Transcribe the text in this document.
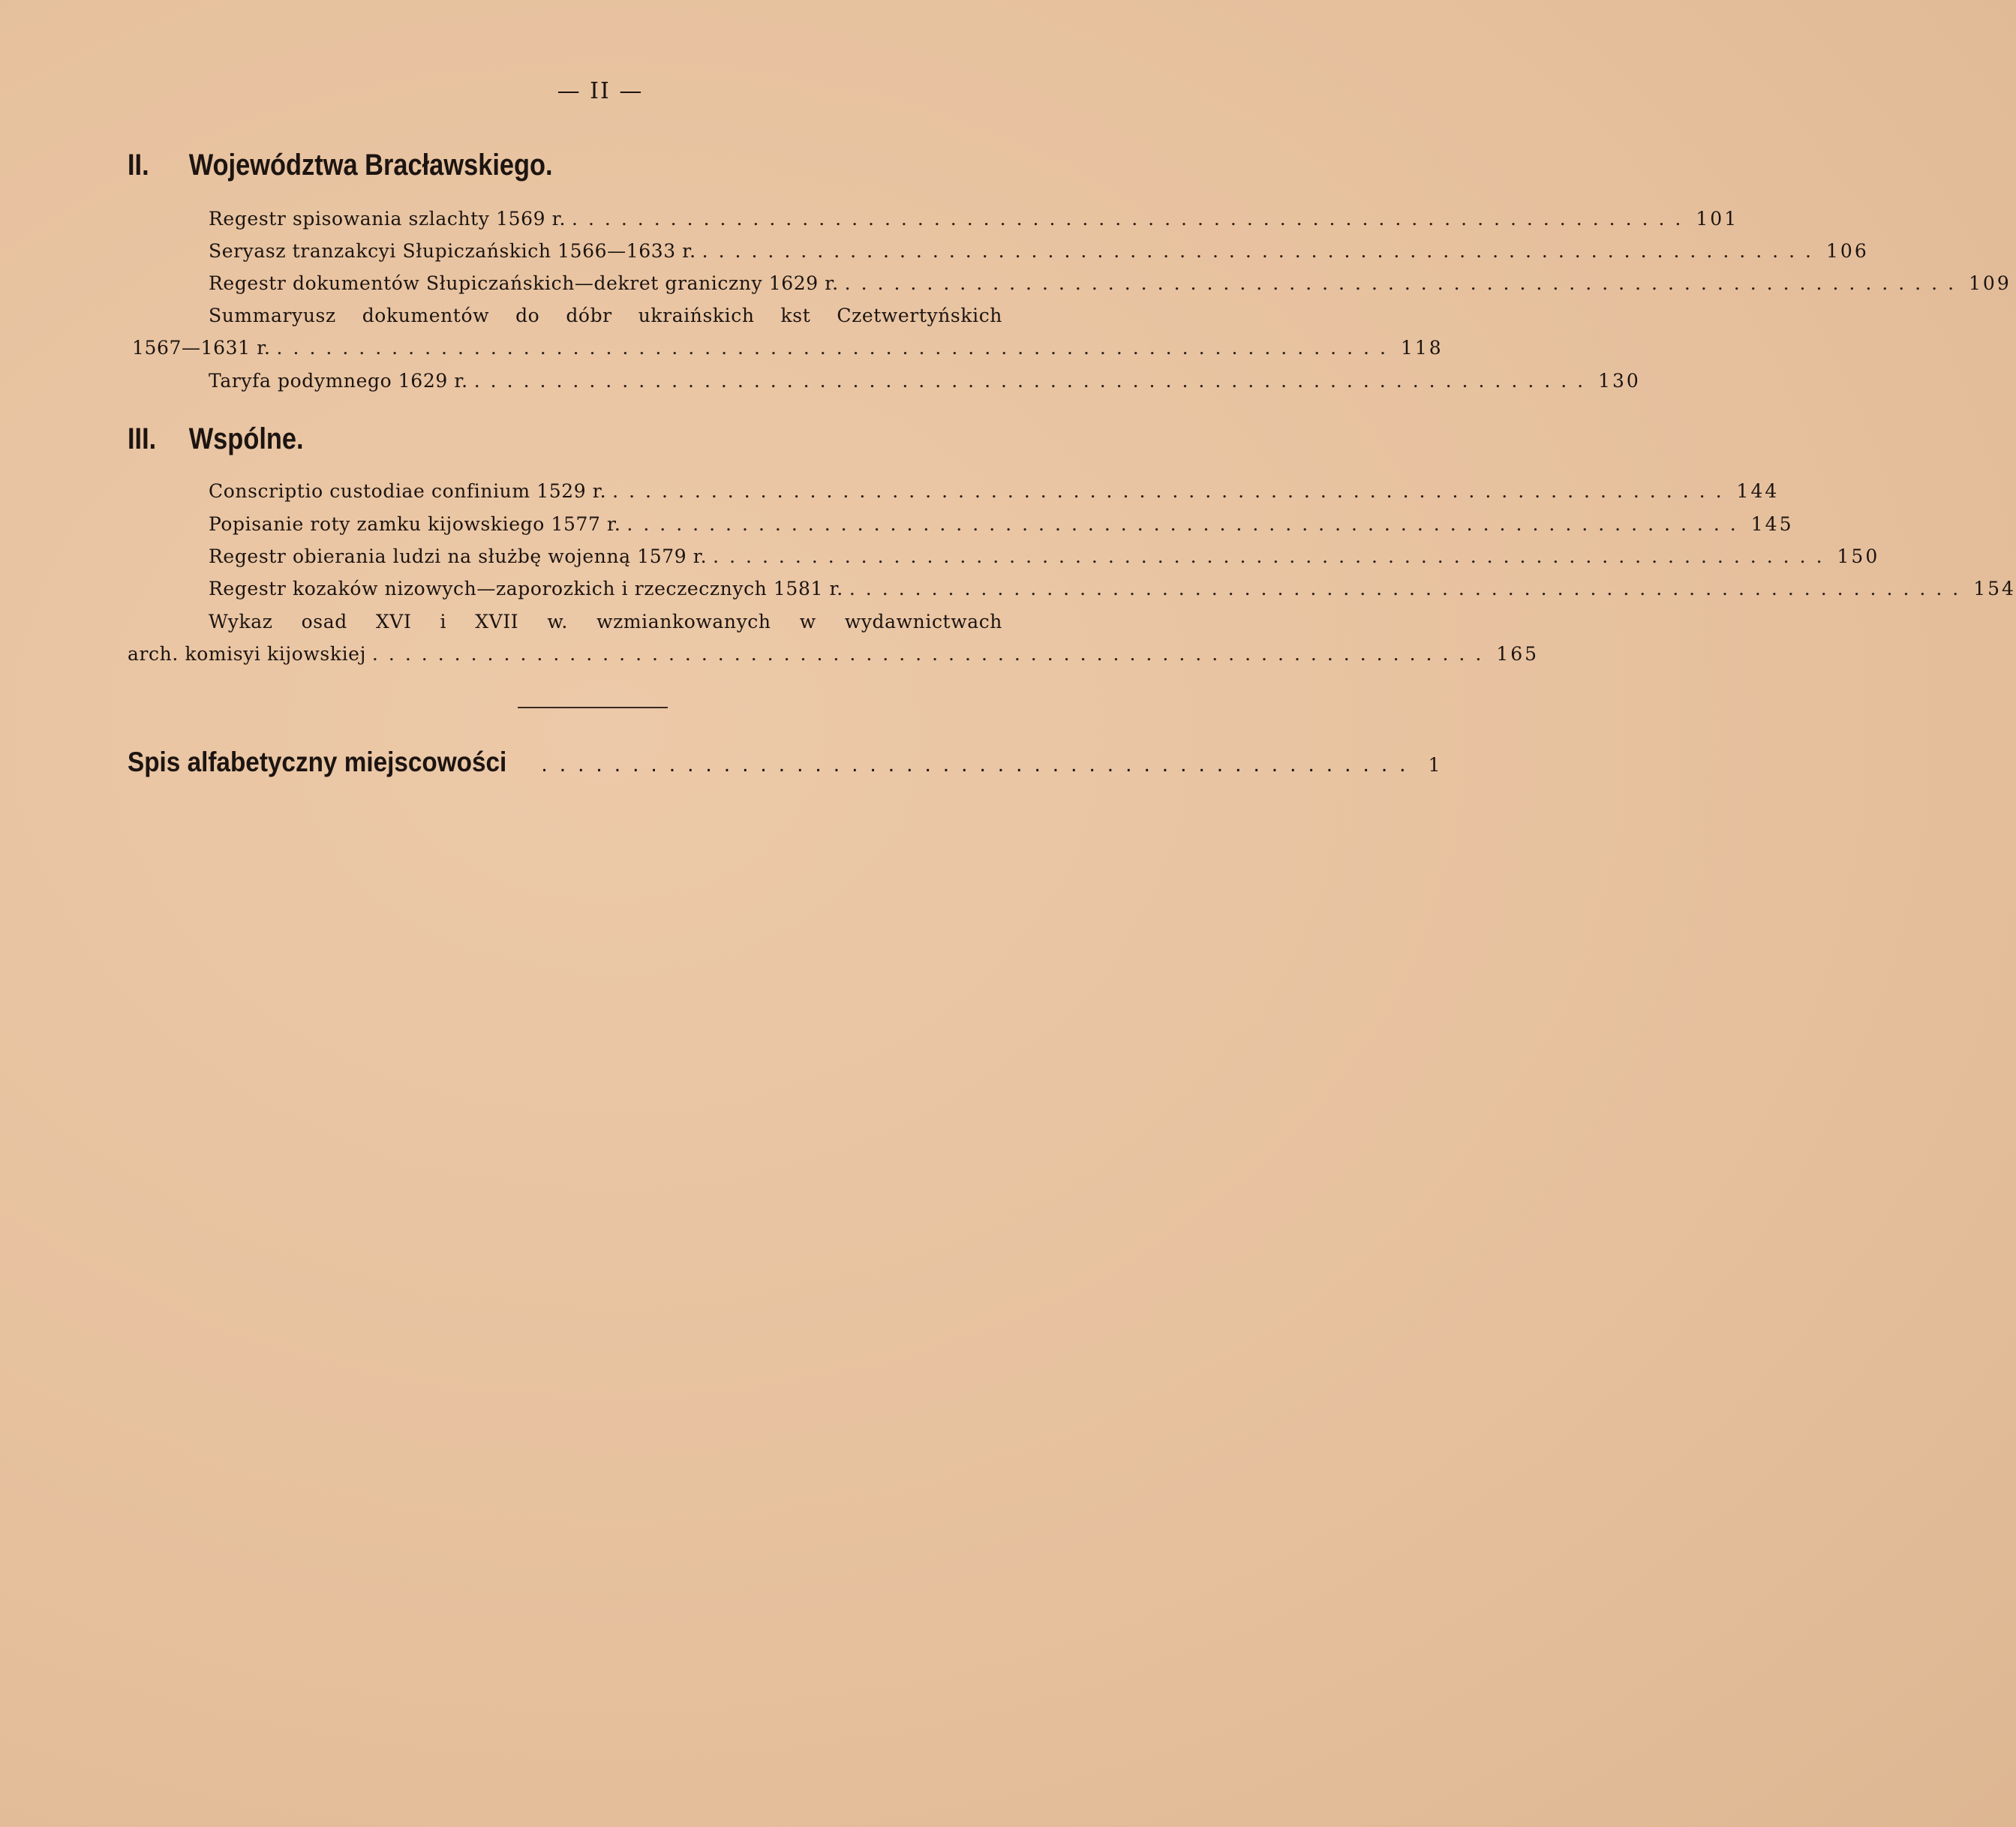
— II —
II. Województwa Bracławskiego.
Regestr spisowania szlachty 1569 r. .................................................................... 101
Seryasz tranzakcyi Słupiczańskich 1566—1633 r. .................................................................... 106
Regestr dokumentów Słupiczańskich—dekret graniczny 1629 r. .................................................................... 109
Summaryusz dokumentów do dóbr ukraińskich kst Czetwertyńskich
1567—1631 r. .................................................................... 118
Taryfa podymnego 1629 r. .................................................................... 130
III. Wspólne.
Conscriptio custodiae confinium 1529 r. .................................................................... 144
Popisanie roty zamku kijowskiego 1577 r. .................................................................... 145
Regestr obierania ludzi na służbę wojenną 1579 r. .................................................................... 150
Regestr kozaków nizowych—zaporozkich i rzeczecznych 1581 r. .................................................................... 154
Wykaz osad XVI i XVII w. wzmiankowanych w wydawnictwach
arch. komisyi kijowskiej .................................................................... 165
Spis alfabetyczny miejscowości	................................................ 1
